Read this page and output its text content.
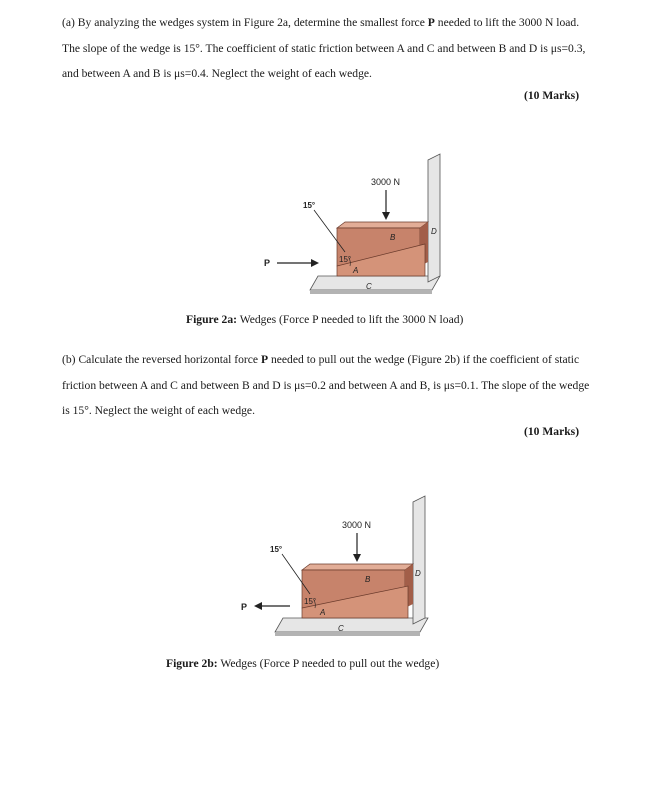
(a) By analyzing the wedges system in Figure 2a, determine the smallest force P needed to lift the 3000 N load. The slope of the wedge is 15°. The coefficient of static friction between A and C and between B and D is μs=0.3, and between A and B is μs=0.4. Neglect the weight of each wedge.
(10 Marks)
15°
15°
3000 N
P
A
B
C
D
Figure 2a: Wedges (Force P needed to lift the 3000 N load)
(b) Calculate the reversed horizontal force P needed to pull out the wedge (Figure 2b) if the coefficient of static friction between A and C and between B and D is μs=0.2 and between A and B, is μs=0.1. The slope of the wedge is 15°. Neglect the weight of each wedge.
(10 Marks)
15°
15°
3000 N
P
A
B
C
D
Figure 2b: Wedges (Force P needed to pull out the wedge)
